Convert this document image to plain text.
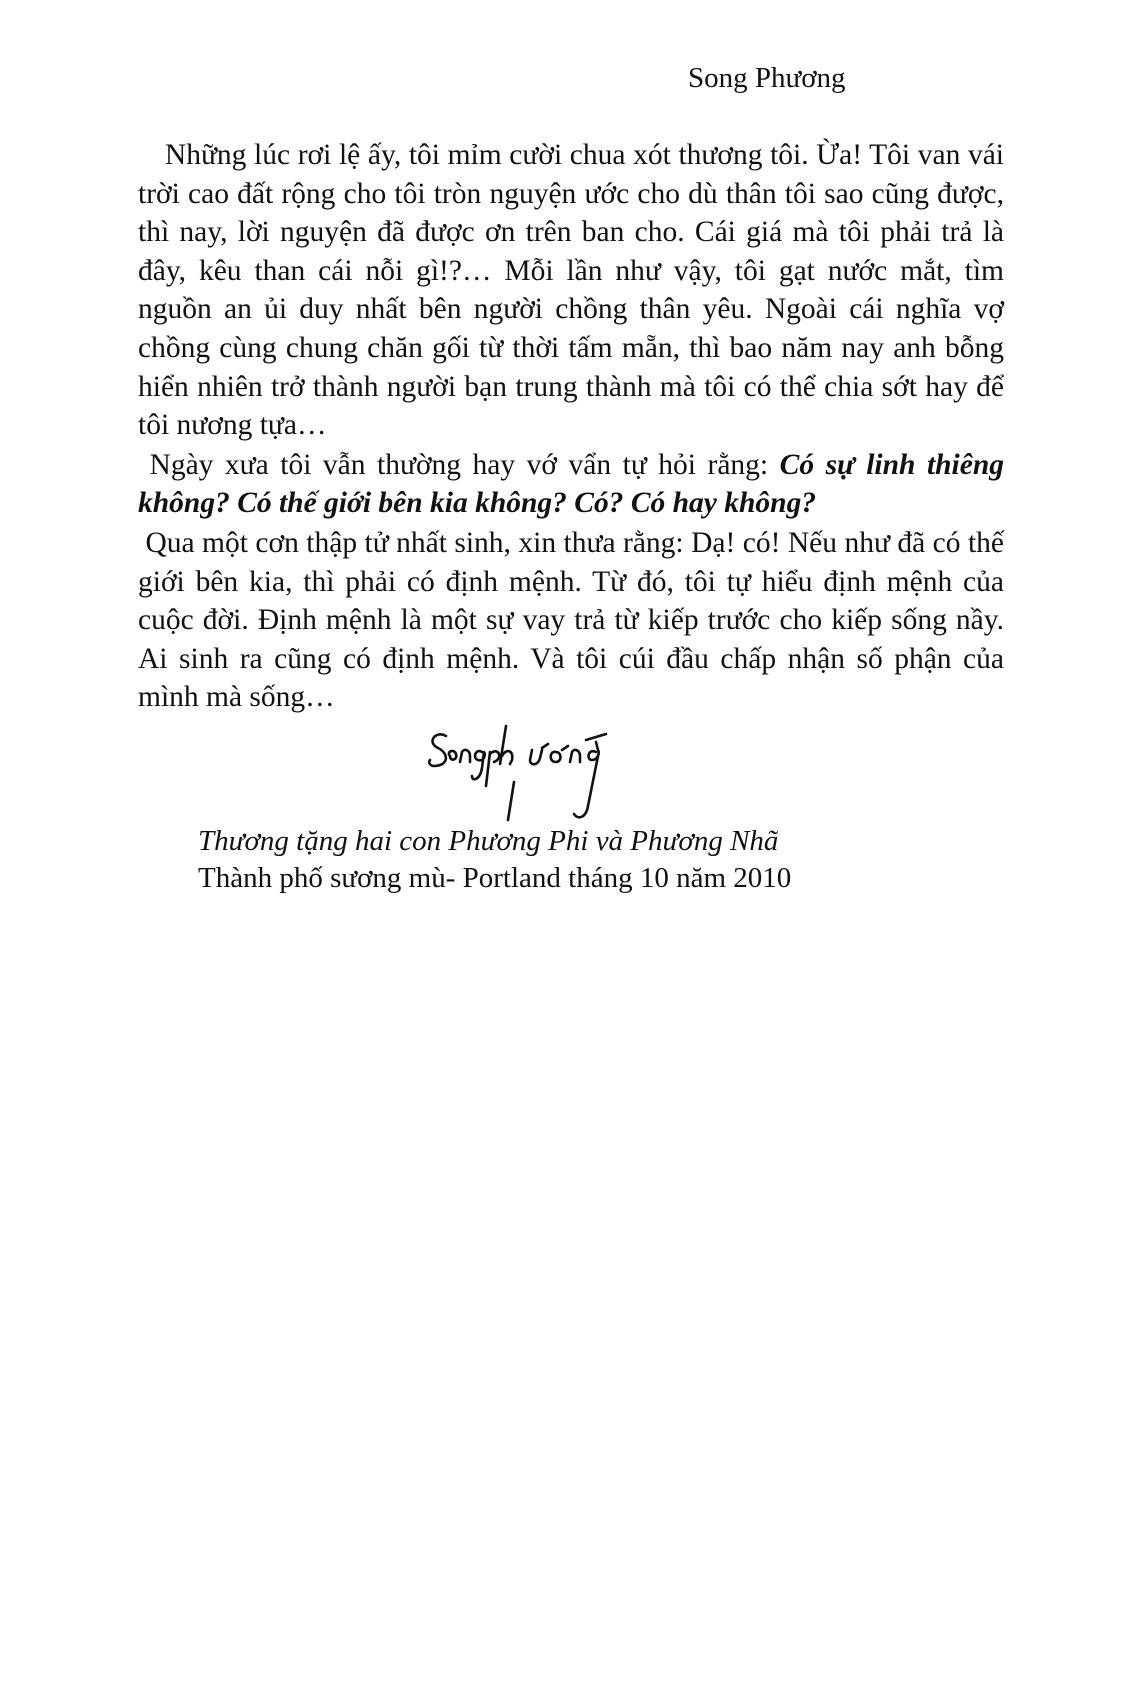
Song Phương

Những lúc rơi lệ ấy, tôi mỉm cười chua xót thương tôi. Ừa! Tôi van vái trời cao đất rộng cho tôi tròn nguyện ước cho dù thân tôi sao cũng được, thì nay, lời nguyện đã được ơn trên ban cho. Cái giá mà tôi phải trả là đây, kêu than cái nỗi gì!?… Mỗi lần như vậy, tôi gạt nước mắt, tìm nguồn an ủi duy nhất bên người chồng thân yêu. Ngoài cái nghĩa vợ chồng cùng chung chăn gối từ thời tấm mẵn, thì bao năm nay anh bỗng hiển nhiên trở thành người bạn trung thành mà tôi có thể chia sớt hay để tôi nương tựa…

Ngày xưa tôi vẫn thường hay vớ vẩn tự hỏi rằng: Có sự linh thiêng không? Có thế giới bên kia không? Có? Có hay không?

Qua một cơn thập tử nhất sinh, xin thưa rằng: Dạ! có! Nếu như đã có thế giới bên kia, thì phải có định mệnh. Từ đó, tôi tự hiểu định mệnh của cuộc đời. Định mệnh là một sự vay trả từ kiếp trước cho kiếp sống nầy. Ai sinh ra cũng có định mệnh. Và tôi cúi đầu chấp nhận số phận của mình mà sống…

Thương tặng hai con Phương Phi và Phương Nhã
Thành phố sương mù- Portland tháng 10 năm 2010
